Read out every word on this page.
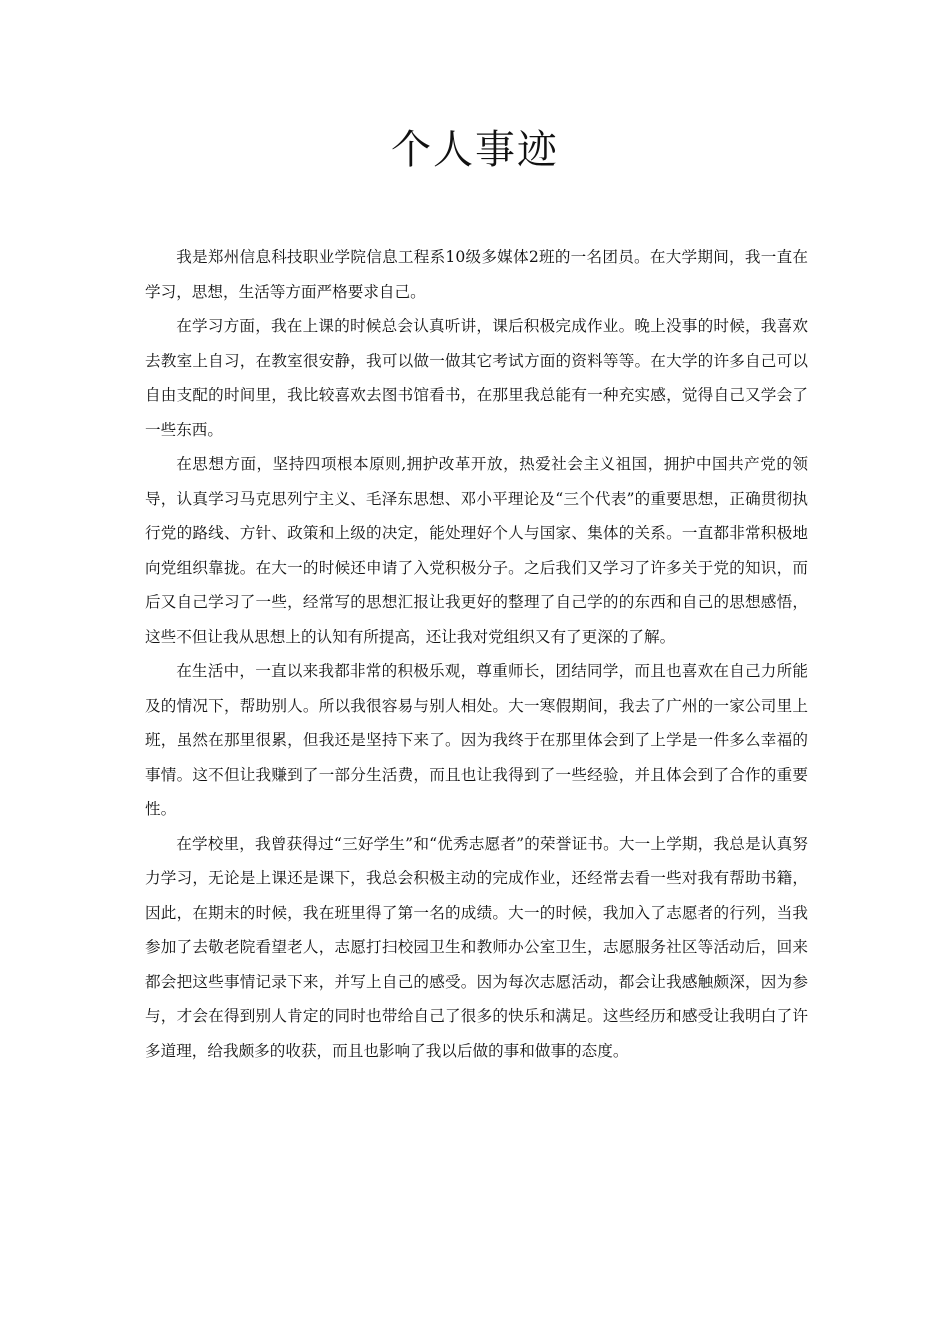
个人事迹

我是郑州信息科技职业学院信息工程系10级多媒体2班的一名团员。在大学期间，我一直在学习，思想，生活等方面严格要求自己。

在学习方面，我在上课的时候总会认真听讲，课后积极完成作业。晚上没事的时候，我喜欢去教室上自习，在教室很安静，我可以做一做其它考试方面的资料等等。在大学的许多自己可以自由支配的时间里，我比较喜欢去图书馆看书，在那里我总能有一种充实感，觉得自己又学会了一些东西。

在思想方面，坚持四项根本原则,拥护改革开放，热爱社会主义祖国，拥护中国共产党的领导，认真学习马克思列宁主义、毛泽东思想、邓小平理论及“三个代表”的重要思想，正确贯彻执行党的路线、方针、政策和上级的决定，能处理好个人与国家、集体的关系。一直都非常积极地向党组织靠拢。在大一的时候还申请了入党积极分子。之后我们又学习了许多关于党的知识，而后又自己学习了一些，经常写的思想汇报让我更好的整理了自己学的的东西和自己的思想感悟，这些不但让我从思想上的认知有所提高，还让我对党组织又有了更深的了解。

在生活中，一直以来我都非常的积极乐观，尊重师长，团结同学，而且也喜欢在自己力所能及的情况下，帮助别人。所以我很容易与别人相处。大一寒假期间，我去了广州的一家公司里上班，虽然在那里很累，但我还是坚持下来了。因为我终于在那里体会到了上学是一件多么幸福的事情。这不但让我赚到了一部分生活费，而且也让我得到了一些经验，并且体会到了合作的重要性。

在学校里，我曾获得过“三好学生”和“优秀志愿者”的荣誉证书。大一上学期，我总是认真努力学习，无论是上课还是课下，我总会积极主动的完成作业，还经常去看一些对我有帮助书籍，因此，在期末的时候，我在班里得了第一名的成绩。大一的时候，我加入了志愿者的行列，当我参加了去敬老院看望老人，志愿打扫校园卫生和教师办公室卫生，志愿服务社区等活动后，回来都会把这些事情记录下来，并写上自己的感受。因为每次志愿活动，都会让我感触颇深，因为参与，才会在得到别人肯定的同时也带给自己了很多的快乐和满足。这些经历和感受让我明白了许多道理，给我颇多的收获，而且也影响了我以后做的事和做事的态度。
